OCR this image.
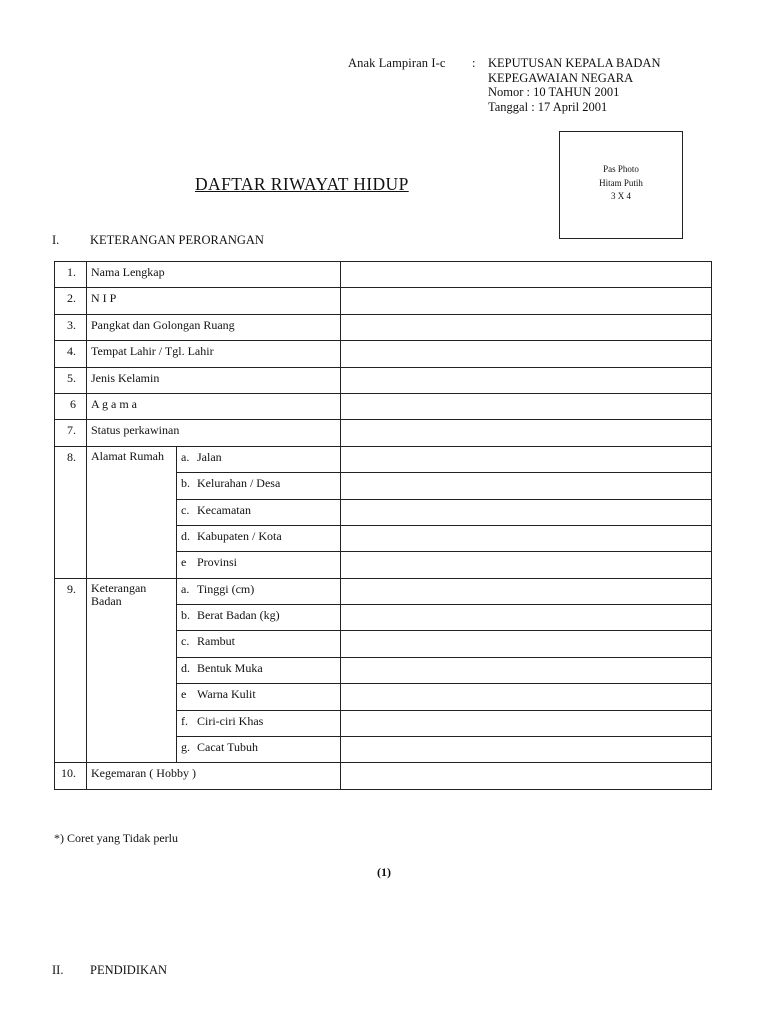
Anak Lampiran I-c : KEPUTUSAN KEPALA BADAN
KEPEGAWAIAN NEGARA
Nomor : 10 TAHUN 2001
Tanggal : 17 April 2001
Pas Photo
Hitam Putih
3 X 4
DAFTAR RIWAYAT HIDUP
I. KETERANGAN PERORANGAN
1.	Nama Lengkap		
2.	N I P		
3.	Pangkat dan Golongan Ruang		
4.	Tempat Lahir / Tgl. Lahir		
5.	Jenis Kelamin		
6	A g a m a		
7.	Status perkawinan		
8.	Alamat Rumah	a. Jalan	
		b. Kelurahan / Desa	
		c. Kecamatan	
		d. Kabupaten / Kota	
		e Provinsi	
9.	Keterangan Badan	a. Tinggi (cm)	
		b. Berat Badan (kg)	
		c. Rambut	
		d. Bentuk Muka	
		e Warna Kulit	
		f. Ciri-ciri Khas	
		g. Cacat Tubuh	
10.	Kegemaran ( Hobby )		
*) Coret yang Tidak perlu
(1)
II. PENDIDIKAN
